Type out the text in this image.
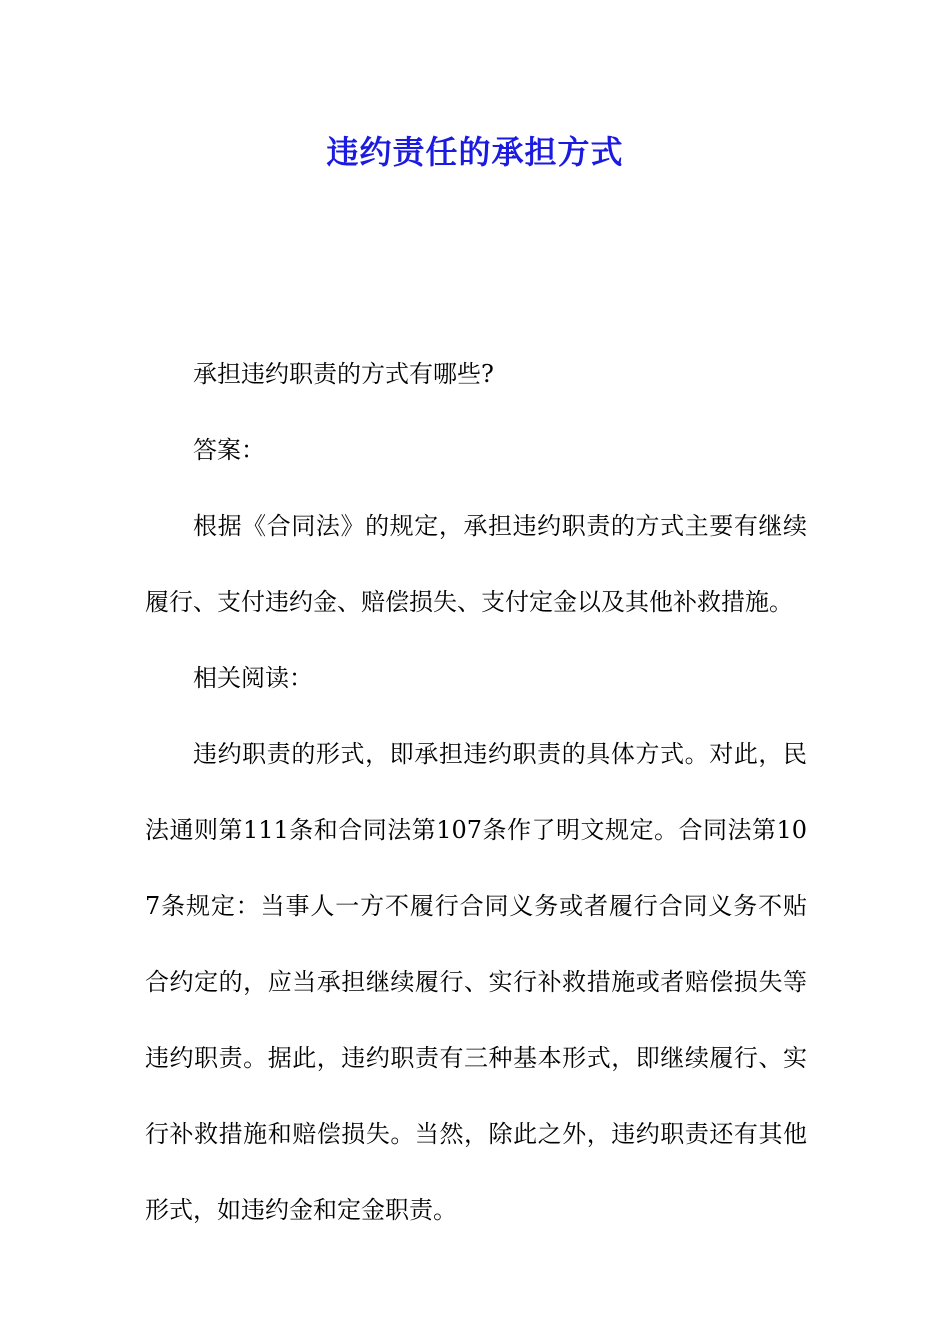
违约责任的承担方式

承担违约职责的方式有哪些?

答案：

根据《合同法》的规定，承担违约职责的方式主要有继续履行、支付违约金、赔偿损失、支付定金以及其他补救措施。

相关阅读：

违约职责的形式，即承担违约职责的具体方式。对此，民法通则第111条和合同法第107条作了明文规定。合同法第107条规定：当事人一方不履行合同义务或者履行合同义务不贴合约定的，应当承担继续履行、实行补救措施或者赔偿损失等违约职责。据此，违约职责有三种基本形式，即继续履行、实行补救措施和赔偿损失。当然，除此之外，违约职责还有其他形式，如违约金和定金职责。
